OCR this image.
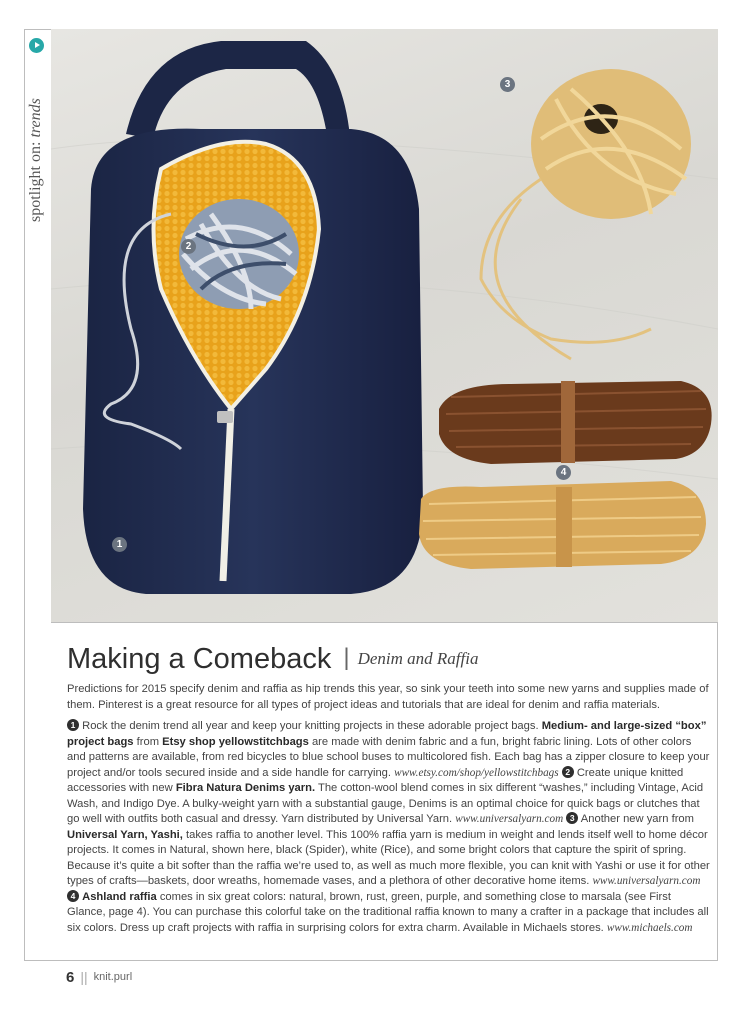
spotlight on: trends
1
2
3
4
Making a Comeback | Denim and Raffia
Predictions for 2015 specify denim and raffia as hip trends this year, so sink your teeth into some new yarns and supplies made of them. Pinterest is a great resource for all types of project ideas and tutorials that are ideal for denim and raffia materials.
1 Rock the denim trend all year and keep your knitting projects in these adorable project bags. Medium- and large-sized “box” project bags from Etsy shop yellowstitchbags are made with denim fabric and a fun, bright fabric lining. Lots of other colors and patterns are available, from red bicycles to blue school buses to multicolored fish. Each bag has a zipper closure to keep your project and/or tools secured inside and a side handle for carrying. www.etsy.com/shop/yellowstitchbags 2 Create unique knitted accessories with new Fibra Natura Denims yarn. The cotton-wool blend comes in six different “washes,” including Vintage, Acid Wash, and Indigo Dye. A bulky-weight yarn with a substantial gauge, Denims is an optimal choice for quick bags or clutches that go well with outfits both casual and dressy. Yarn distributed by Universal Yarn. www.universalyarn.com 3 Another new yarn from Universal Yarn, Yashi, takes raffia to another level. This 100% raffia yarn is medium in weight and lends itself well to home décor projects. It comes in Natural, shown here, black (Spider), white (Rice), and some bright colors that capture the spirit of spring. Because it’s quite a bit softer than the raffia we’re used to, as well as much more flexible, you can knit with Yashi or use it for other types of crafts—baskets, door wreaths, homemade vases, and a plethora of other decorative home items. www.universalyarn.com 4 Ashland raffia comes in six great colors: natural, brown, rust, green, purple, and something close to marsala (see First Glance, page 4). You can purchase this colorful take on the traditional raffia known to many a crafter in a package that includes all six colors. Dress up craft projects with raffia in surprising colors for extra charm. Available in Michaels stores. www.michaels.com
6 || knit.purl
